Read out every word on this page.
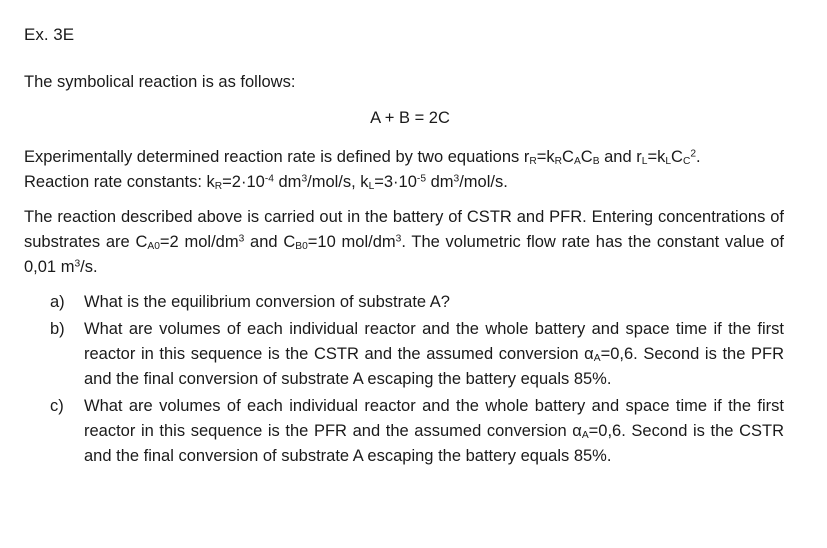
Ex. 3E

The symbolical reaction is as follows:

A + B = 2C

Experimentally determined reaction rate is defined by two equations $r_R=k_RC_AC_B$ and $r_L=k_LC_C^2$.
Reaction rate constants: $k_R=2\cdot 10^{-4}$ $dm^3/mol/s$, $k_L=3\cdot 10^{-5}$ $dm^3/mol/s$.

The reaction described above is carried out in the battery of CSTR and PFR. Entering concentrations of substrates are $C_{A0}=2$ mol/$dm^3$ and $C_{B0}=10$ mol/$dm^3$. The volumetric flow rate has the constant value of 0,01 $m^3/s$.

a) What is the equilibrium conversion of substrate A?
b) What are volumes of each individual reactor and the whole battery and space time if the first reactor in this sequence is the CSTR and the assumed conversion $\alpha_A=0,6$. Second is the PFR and the final conversion of substrate A escaping the battery equals 85%.
c) What are volumes of each individual reactor and the whole battery and space time if the first reactor in this sequence is the PFR and the assumed conversion $\alpha_A=0,6$. Second is the CSTR and the final conversion of substrate A escaping the battery equals 85%.
